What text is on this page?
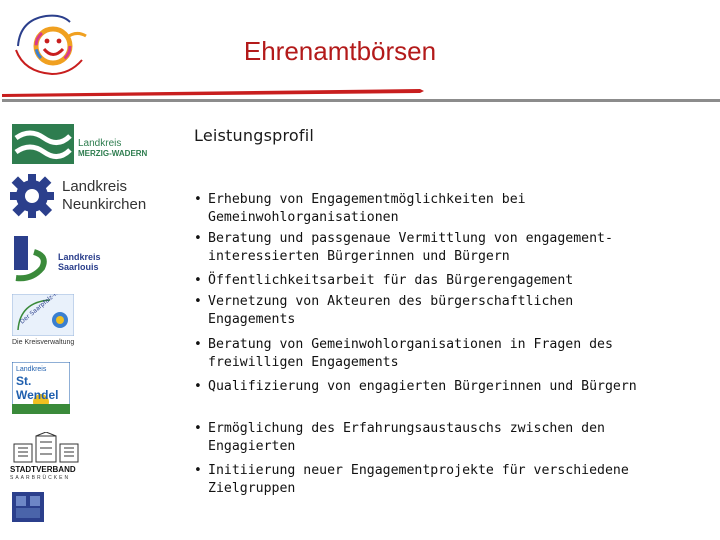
Ehrenamtbörsen
Landkreis
MERZIG-WADERN
Landkreis
Neunkirchen
Landkreis
Saarlouis
Die Kreisverwaltung
Landkreis
St. Wendel
STADTVERBAND
SAARBRÜCKEN
Leistungsprofil
• Erhebung von Engagementmöglichkeiten bei Gemeinwohlorganisationen
• Beratung und passgenaue Vermittlung von engagement-interessierten Bürgerinnen und Bürgern
• Öffentlichkeitsarbeit für das Bürgerengagement
• Vernetzung von Akteuren des bürgerschaftlichen Engagements
• Beratung von Gemeinwohlorganisationen in Fragen des freiwilligen Engagements
• Qualifizierung von engagierten Bürgerinnen und Bürgern
• Ermöglichung des Erfahrungsaustauschs zwischen den Engagierten
• Initiierung neuer Engagementprojekte für verschiedene Zielgruppen
